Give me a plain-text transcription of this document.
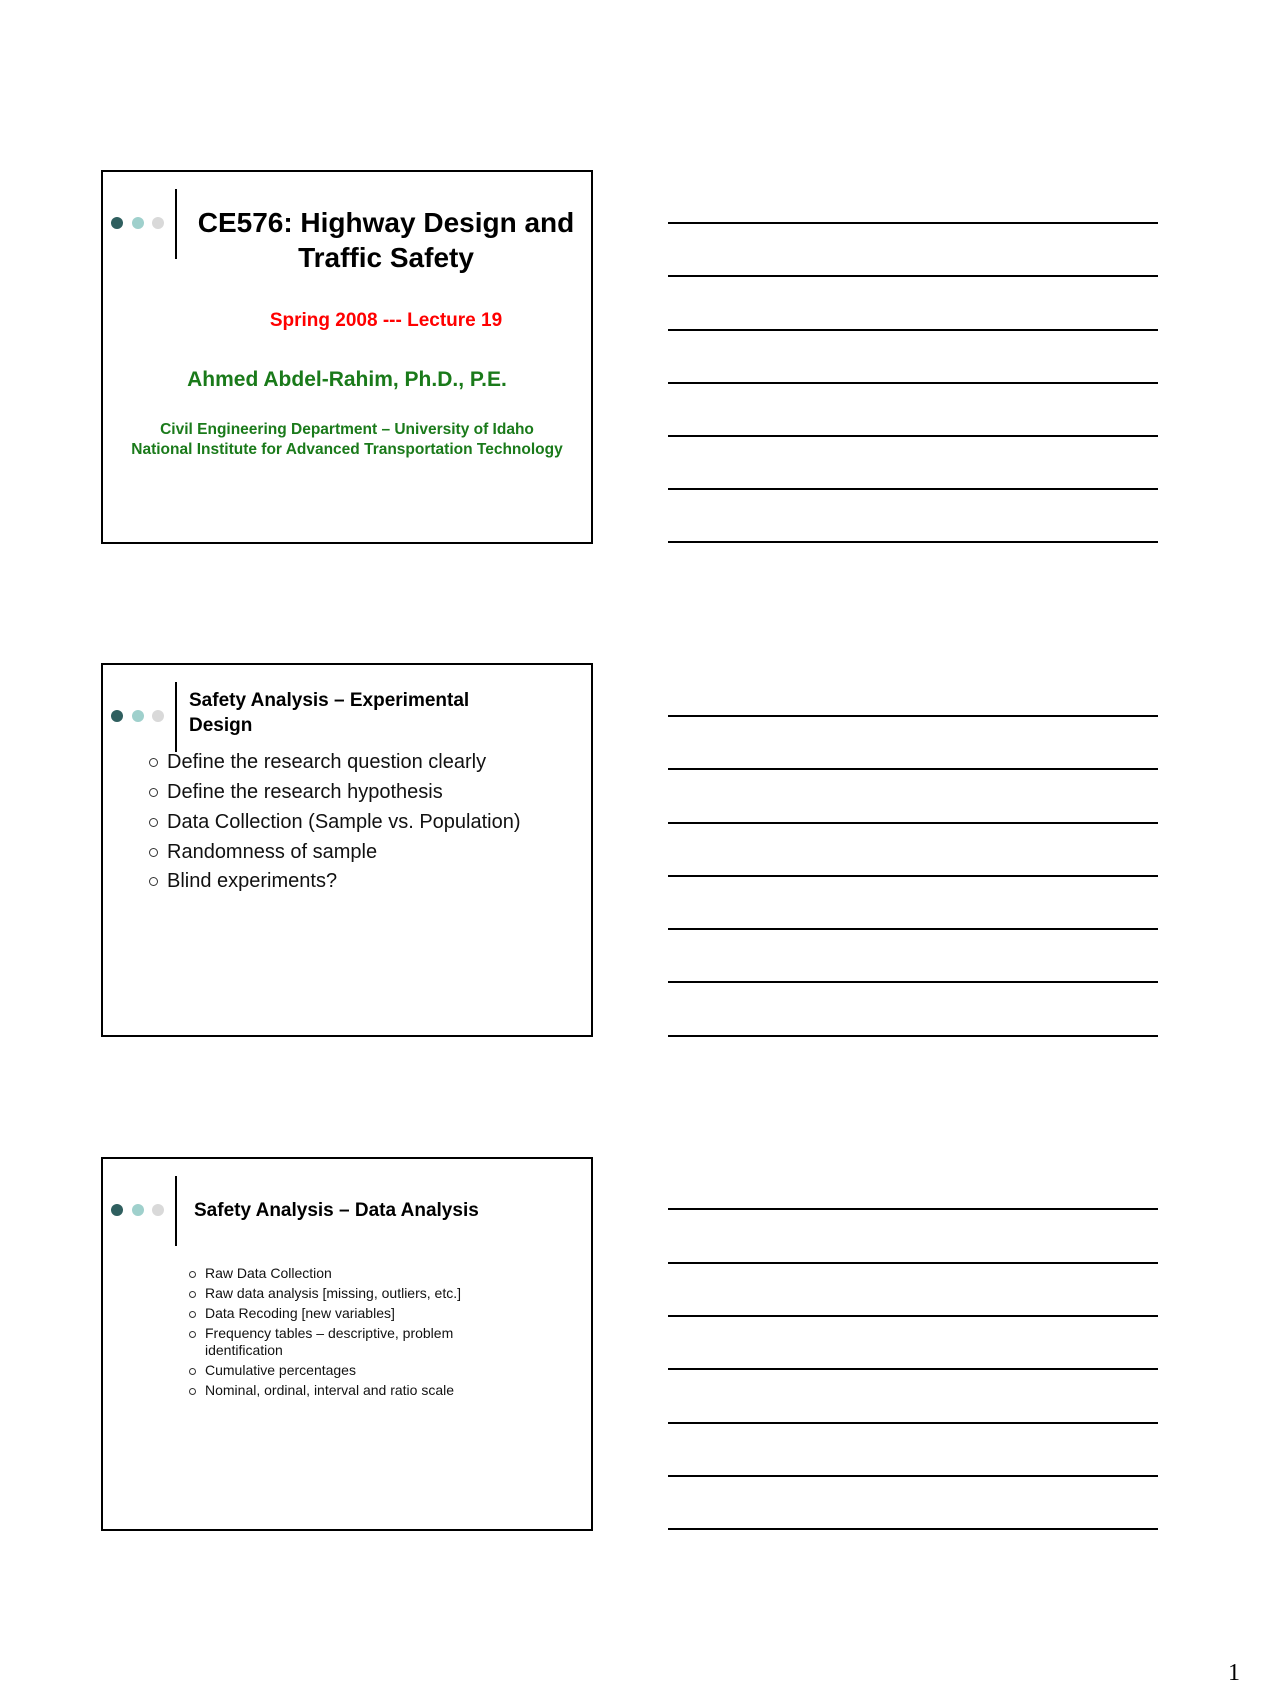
CE576: Highway Design and
Traffic Safety
Spring 2008 --- Lecture 19
Ahmed Abdel-Rahim, Ph.D., P.E.
Civil Engineering Department – University of Idaho
National Institute for Advanced Transportation Technology
Safety Analysis – Experimental
Design
Define the research question clearly
Define the research hypothesis
Data Collection (Sample vs. Population)
Randomness of sample
Blind experiments?
Safety Analysis – Data Analysis
Raw Data Collection
Raw data analysis [missing, outliers, etc.]
Data Recoding [new variables]
Frequency tables – descriptive, problem
identification
Cumulative percentages
Nominal, ordinal, interval and ratio scale
1
